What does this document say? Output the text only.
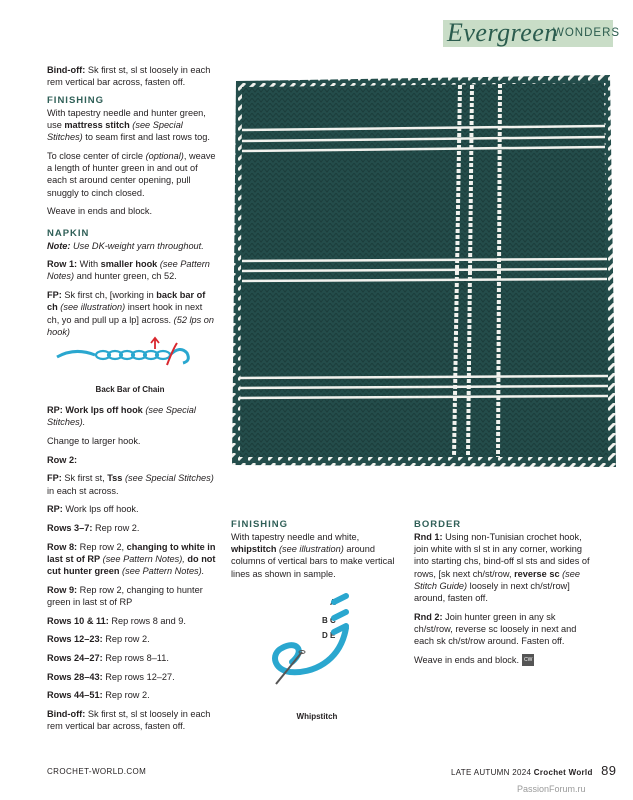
Evergreen
WONDERS

Bind-off: Sk first st, sl st loosely in each rem vertical bar across, fasten off.

FINISHING

With tapestry needle and hunter green, use mattress stitch (see Special Stitches) to seam first and last rows tog.

To close center of circle (optional), weave a length of hunter green in and out of each st around center opening, pull snuggly to cinch closed.

Weave in ends and block.

NAPKIN

Note: Use DK-weight yarn throughout.

Row 1: With smaller hook (see Pattern Notes) and hunter green, ch 52.

FP: Sk first ch, [working in back bar of ch (see illustration) insert hook in next ch, yo and pull up a lp] across. (52 lps on hook)

Back Bar of Chain

RP: Work lps off hook (see Special Stitches).

Change to larger hook.

Row 2:

FP: Sk first st, Tss (see Special Stitches) in each st across.

RP: Work lps off hook.

Rows 3–7: Rep row 2.

Row 8: Rep row 2, changing to white in last st of RP (see Pattern Notes), do not cut hunter green (see Pattern Notes).

Row 9: Rep row 2, changing to hunter green in last st of RP

Rows 10 & 11: Rep rows 8 and 9.

Rows 12–23: Rep row 2.

Rows 24–27: Rep rows 8–11.

Rows 28–43: Rep rows 12–27.

Rows 44–51: Rep row 2.

Bind-off: Sk first st, sl st loosely in each rem vertical bar across, fasten off.

FINISHING

With tapestry needle and white, whipstitch (see illustration) around columns of vertical bars to make vertical lines as shown in sample.

A
B C
D E
Whipstitch
BORDER

Rnd 1: Using non-Tunisian crochet hook, join white with sl st in any corner, working into starting chs, bind-off sl sts and sides of rows, [sk next ch/st/row, reverse sc (see Stitch Guide) loosely in next ch/st/row] around, fasten off.

Rnd 2: Join hunter green in any sk ch/st/row, reverse sc loosely in next and each sk ch/st/row around. Fasten off.

Weave in ends and block. CW

CROCHET-WORLD.COM	LATE AUTUMN 2024 Crochet World 89
PassionForum.ru
